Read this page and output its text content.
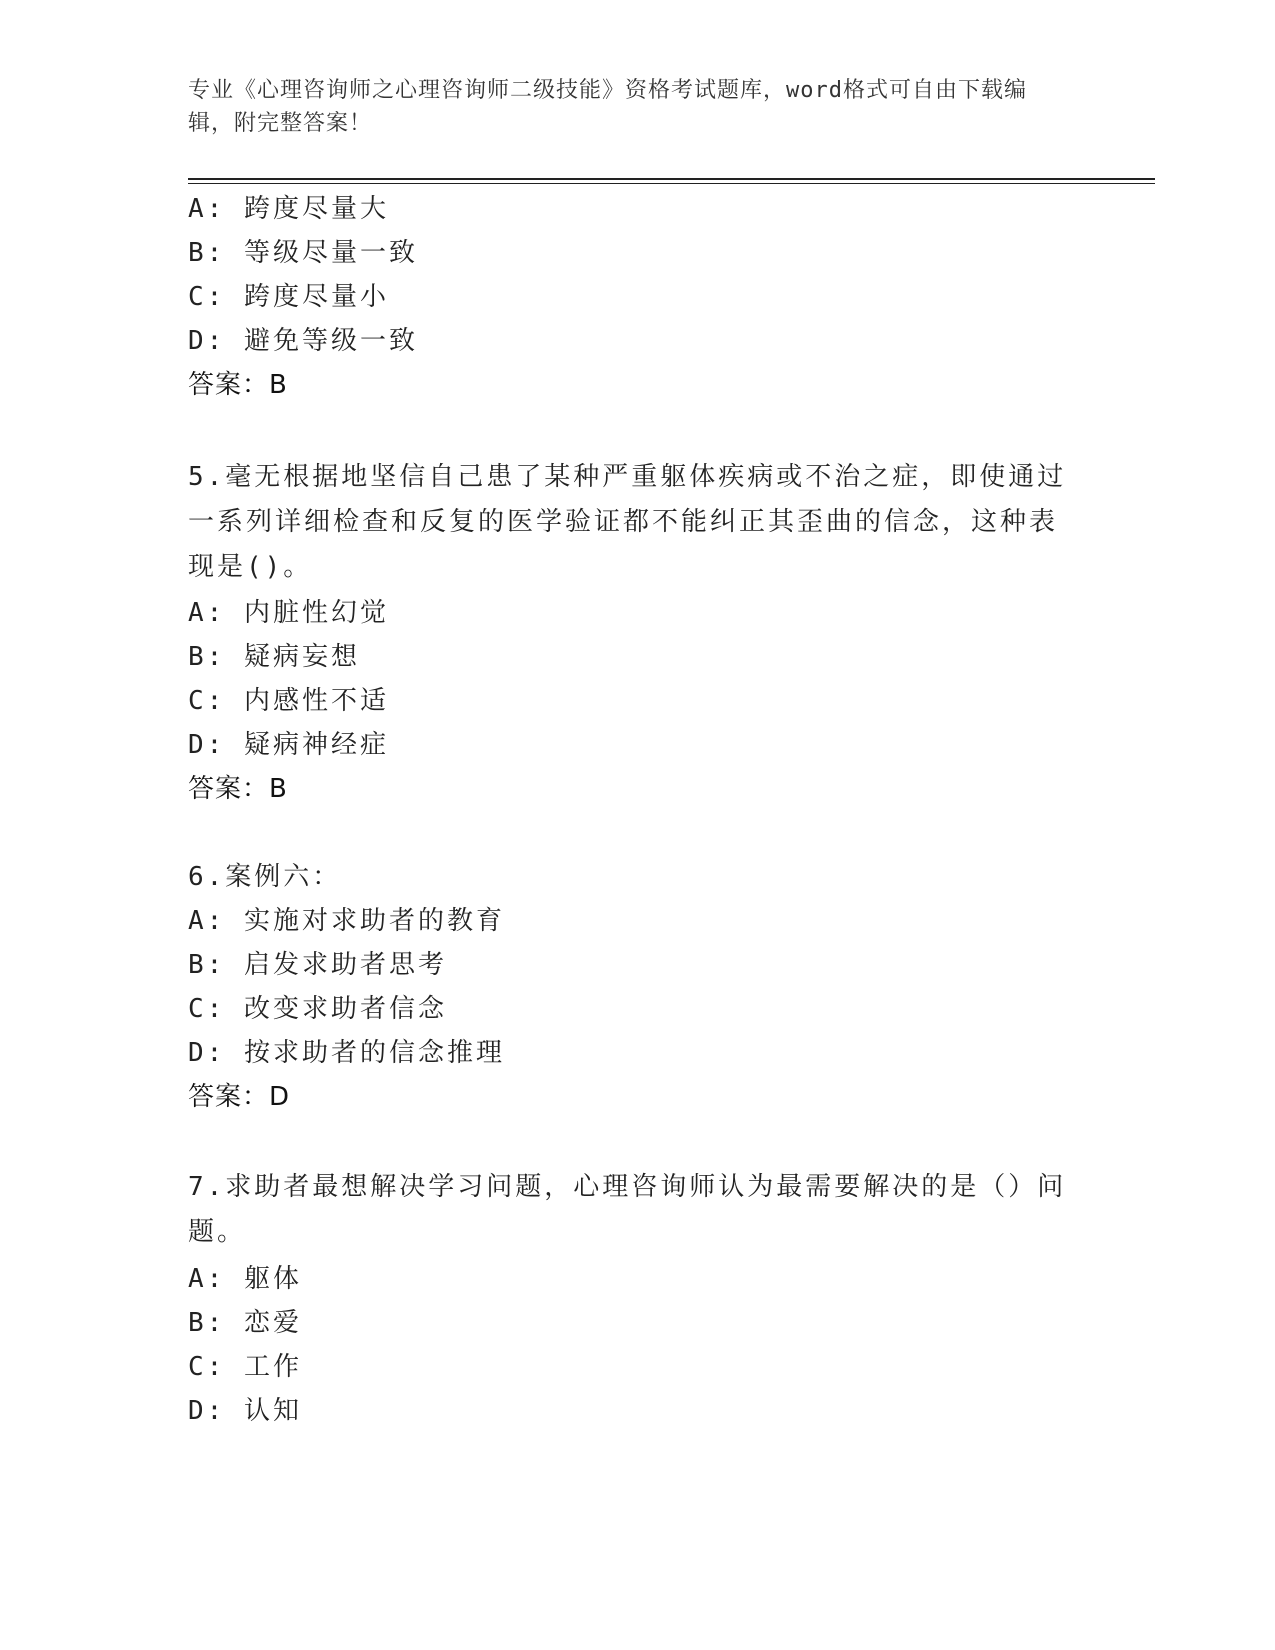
专业《心理咨询师之心理咨询师二级技能》资格考试题库，word格式可自由下载编辑，附完整答案！
A: 跨度尽量大
B: 等级尽量一致
C: 跨度尽量小
D: 避免等级一致
答案：B
5.毫无根据地坚信自己患了某种严重躯体疾病或不治之症，即使通过一系列详细检查和反复的医学验证都不能纠正其歪曲的信念，这种表现是()。
A: 内脏性幻觉
B: 疑病妄想
C: 内感性不适
D: 疑病神经症
答案：B
6.案例六：
A: 实施对求助者的教育
B: 启发求助者思考
C: 改变求助者信念
D: 按求助者的信念推理
答案：D
7.求助者最想解决学习问题，心理咨询师认为最需要解决的是（）问题。
A: 躯体
B: 恋爱
C: 工作
D: 认知
